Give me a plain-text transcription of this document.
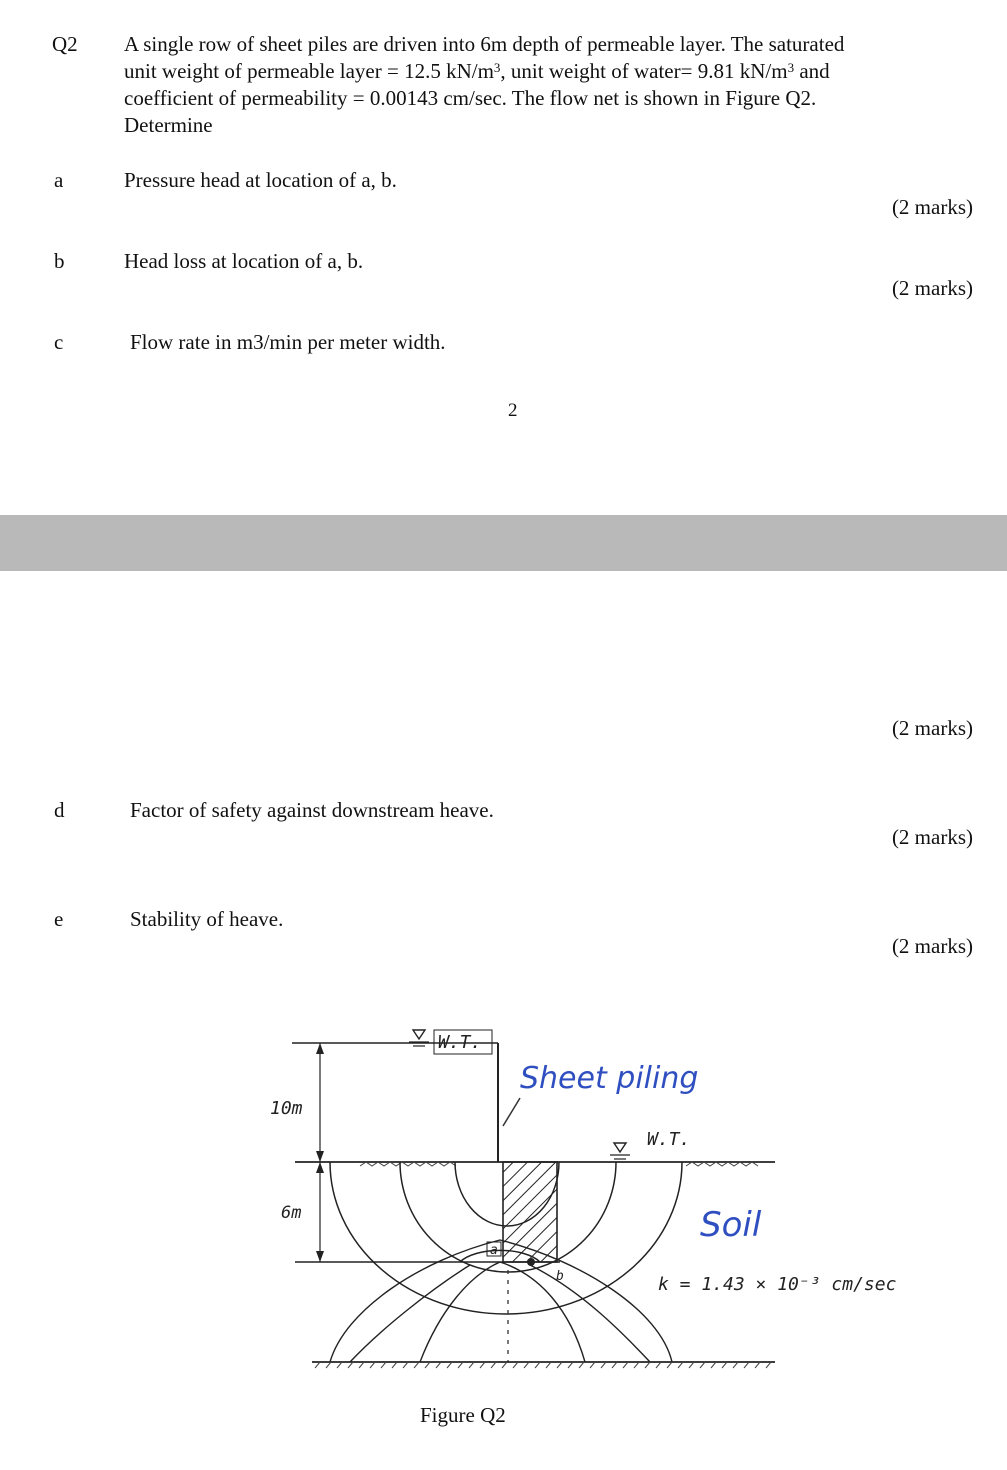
Q2 A single row of sheet piles are driven into 6m depth of permeable layer. The saturated
unit weight of permeable layer = 12.5 $kN/m^3$, unit weight of water= 9.81 $kN/m^3$ and
coefficient of permeability = 0.00143 cm/sec. The flow net is shown in Figure Q2.
Determine
a	Pressure head at location of a, b.
(2 marks)
b	Head loss at location of a, b.
(2 marks)
c	Flow rate in m3/min per meter width.
2
(2 marks)
d	Factor of safety against downstream heave.
(2 marks)
e	Stability of heave.
(2 marks)
W.T.
10m
6m
W.T.
a
b
Sheet piling
Soil
k = 1.43 × 10⁻³ cm/sec
Figure Q2
